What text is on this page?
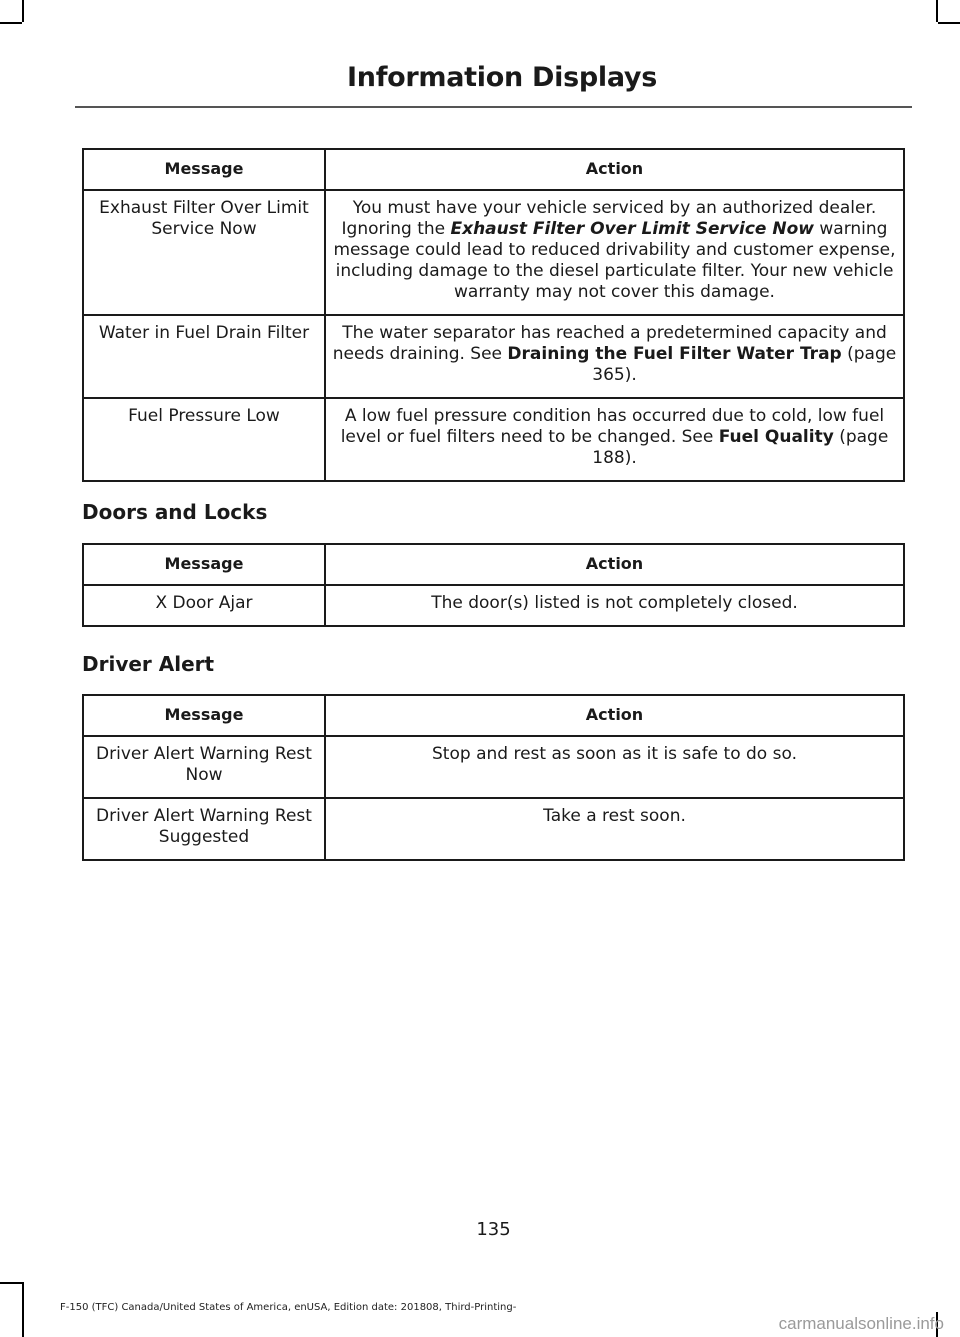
Information Displays
Message	Action
Exhaust Filter Over Limit Service Now	You must have your vehicle serviced by an authorized dealer. Ignoring the Exhaust Filter Over Limit Service Now warning message could lead to reduced drivability and customer expense, including damage to the diesel particulate filter. Your new vehicle warranty may not cover this damage.
Water in Fuel Drain Filter	The water separator has reached a predetermined capacity and needs draining. See Draining the Fuel Filter Water Trap (page 365).
Fuel Pressure Low	A low fuel pressure condition has occurred due to cold, low fuel level or fuel filters need to be changed. See Fuel Quality (page 188).
Doors and Locks
Message	Action
X Door Ajar	The door(s) listed is not completely closed.
Driver Alert
Message	Action
Driver Alert Warning Rest Now	Stop and rest as soon as it is safe to do so.
Driver Alert Warning Rest Suggested	Take a rest soon.
135
F-150 (TFC) Canada/United States of America, enUSA, Edition date: 201808, Third-Printing-
carmanualsonline.info
